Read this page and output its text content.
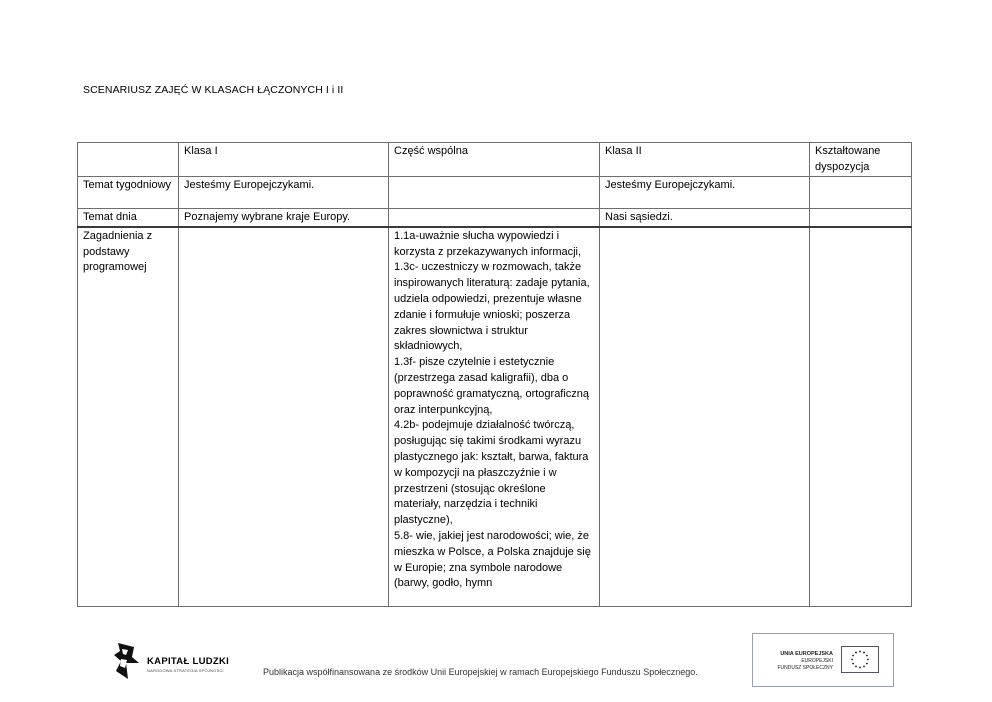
SCENARIUSZ ZAJĘĆ W KLASACH ŁĄCZONYCH I i II
	Klasa I	Część wspólna	Klasa II	Kształtowane dyspozycja
Temat tygodniowy	Jesteśmy Europejczykami.		Jesteśmy Europejczykami.	
Temat dnia	Poznajemy wybrane kraje Europy.		Nasi sąsiedzi.	
Zagadnienia z podstawy programowej		1.1a-uważnie słucha wypowiedzi i korzysta z przekazywanych informacji,
1.3c- uczestniczy w rozmowach, także inspirowanych literaturą: zadaje pytania, udziela odpowiedzi, prezentuje własne zdanie i formułuje wnioski; poszerza zakres słownictwa i struktur składniowych,
1.3f- pisze czytelnie i estetycznie (przestrzega zasad kaligrafii), dba o poprawność gramatyczną, ortograficzną oraz interpunkcyjną,
4.2b- podejmuje działalność twórczą, posługując się takimi środkami wyrazu plastycznego jak: kształt, barwa, faktura w kompozycji na płaszczyźnie i w przestrzeni (stosując określone materiały, narzędzia i techniki plastyczne),
5.8- wie, jakiej jest narodowości; wie, że mieszka w Polsce, a Polska znajduje się w Europie; zna symbole narodowe (barwy, godło, hymn		
KAPITAŁ LUDZKI
NARODOWA STRATEGIA SPÓJNOŚCI	Publikacja współfinansowana ze środków Unii Europejskiej w ramach Europejskiego Funduszu Społecznego.
UNIA EUROPEJSKA
EUROPEJSKI
FUNDUSZ SPOŁECZNY
